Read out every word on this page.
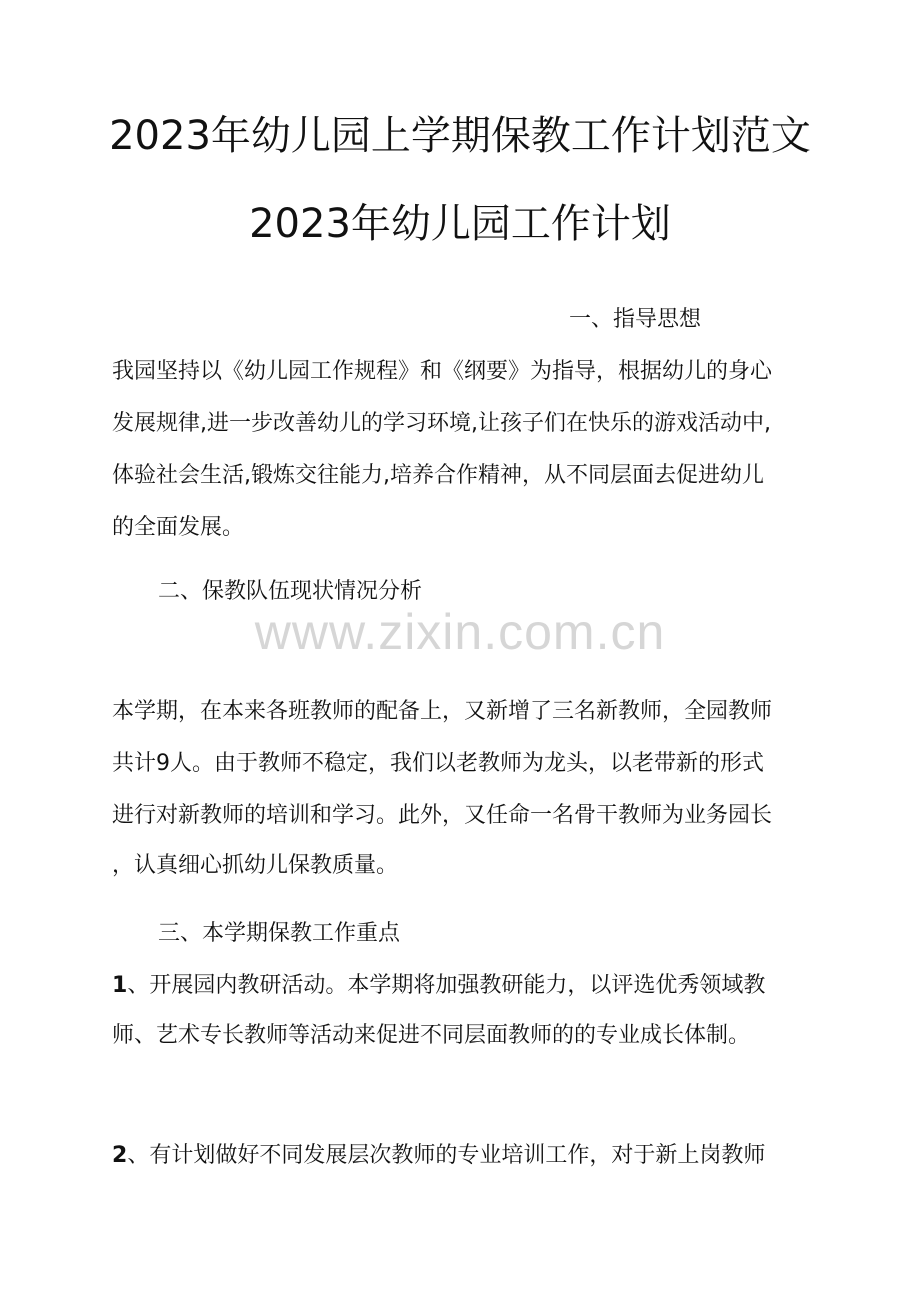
2023年幼儿园上学期保教工作计划范文
2023年幼儿园工作计划
一、指导思想
我园坚持以《幼儿园工作规程》和《纲要》为指导，根据幼儿的身心
发展规律,进一步改善幼儿的学习环境,让孩子们在快乐的游戏活动中,
体验社会生活,锻炼交往能力,培养合作精神，从不同层面去促进幼儿
的全面发展。
二、保教队伍现状情况分析
www.zixin.com.cn
本学期，在本来各班教师的配备上，又新增了三名新教师，全园教师
共计9人。由于教师不稳定，我们以老教师为龙头，以老带新的形式
进行对新教师的培训和学习。此外，又任命一名骨干教师为业务园长
，认真细心抓幼儿保教质量。
三、本学期保教工作重点
1、开展园内教研活动。本学期将加强教研能力，以评选优秀领域教
师、艺术专长教师等活动来促进不同层面教师的的专业成长体制。
2、有计划做好不同发展层次教师的专业培训工作，对于新上岗教师
